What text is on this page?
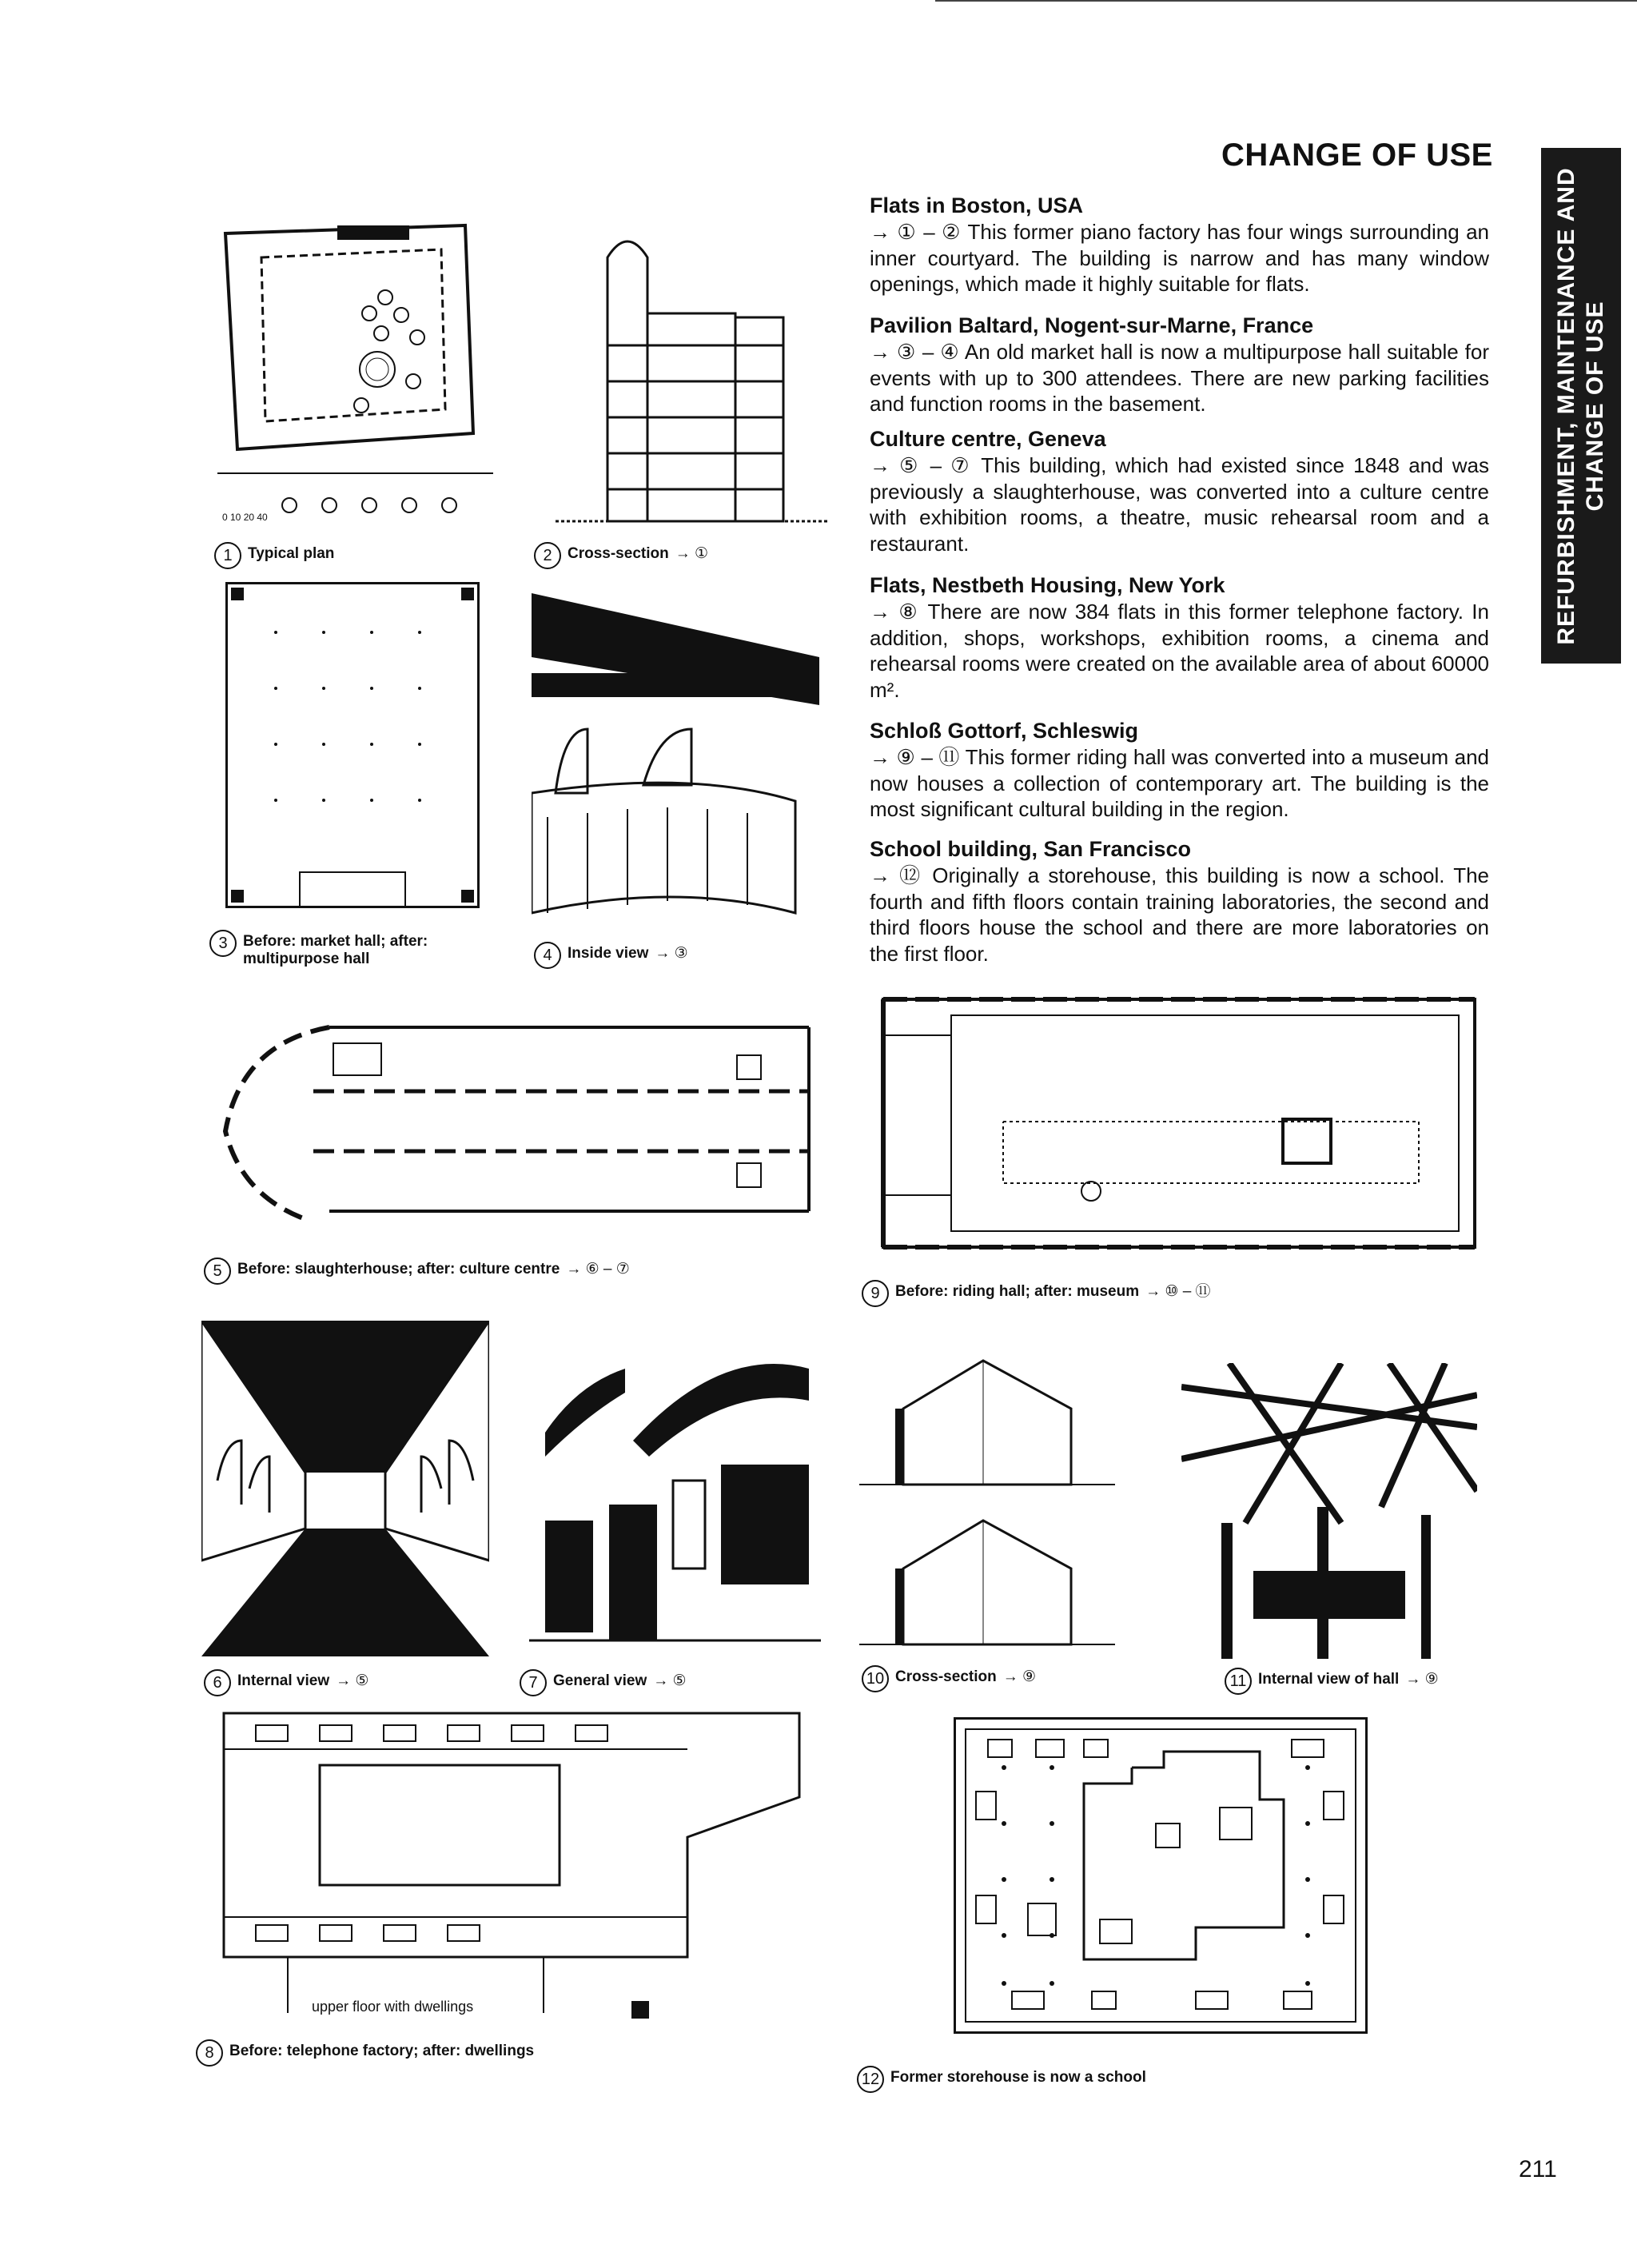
CHANGE OF USE
REFURBISHMENT, MAINTENANCE AND CHANGE OF USE
Flats in Boston, USA

→ ① – ② This former piano factory has four wings surrounding an inner courtyard. The building is narrow and has many window openings, which made it highly suitable for flats.

Pavilion Baltard, Nogent-sur-Marne, France

→ ③ – ④ An old market hall is now a multipurpose hall suitable for events with up to 300 attendees. There are new parking facilities and function rooms in the basement.

Culture centre, Geneva

→ ⑤ – ⑦ This building, which had existed since 1848 and was previously a slaughterhouse, was converted into a culture centre with exhibition rooms, a theatre, music rehearsal room and a restaurant.

Flats, Nestbeth Housing, New York

→ ⑧ There are now 384 flats in this former telephone factory. In addition, shops, workshops, exhibition rooms, a cinema and rehearsal rooms were created on the available area of about 60000 m².

Schloß Gottorf, Schleswig

→ ⑨ – ⑪ This former riding hall was converted into a museum and now houses a collection of contemporary art. The building is the most significant cultural building in the region.

School building, San Francisco

→ ⑫ Originally a storehouse, this building is now a school. The fourth and fifth floors contain training laboratories, the second and third floors house the school and there are more laboratories on the first floor.

0 10 20 40
1	Typical plan	2	Cross-section → ①
3	Before: market hall; after: multipurpose hall	4	Inside view → ③
5	Before: slaughterhouse; after: culture centre → ⑥ – ⑦
6	Internal view → ⑤	7	General view → ⑤
upper floor with dwellings
8	Before: telephone factory; after: dwellings
9	Before: riding hall; after: museum → ⑩ – ⑪
10 Cross-section → ⑨	11 Internal view of hall → ⑨
12 Former storehouse is now a school
211
